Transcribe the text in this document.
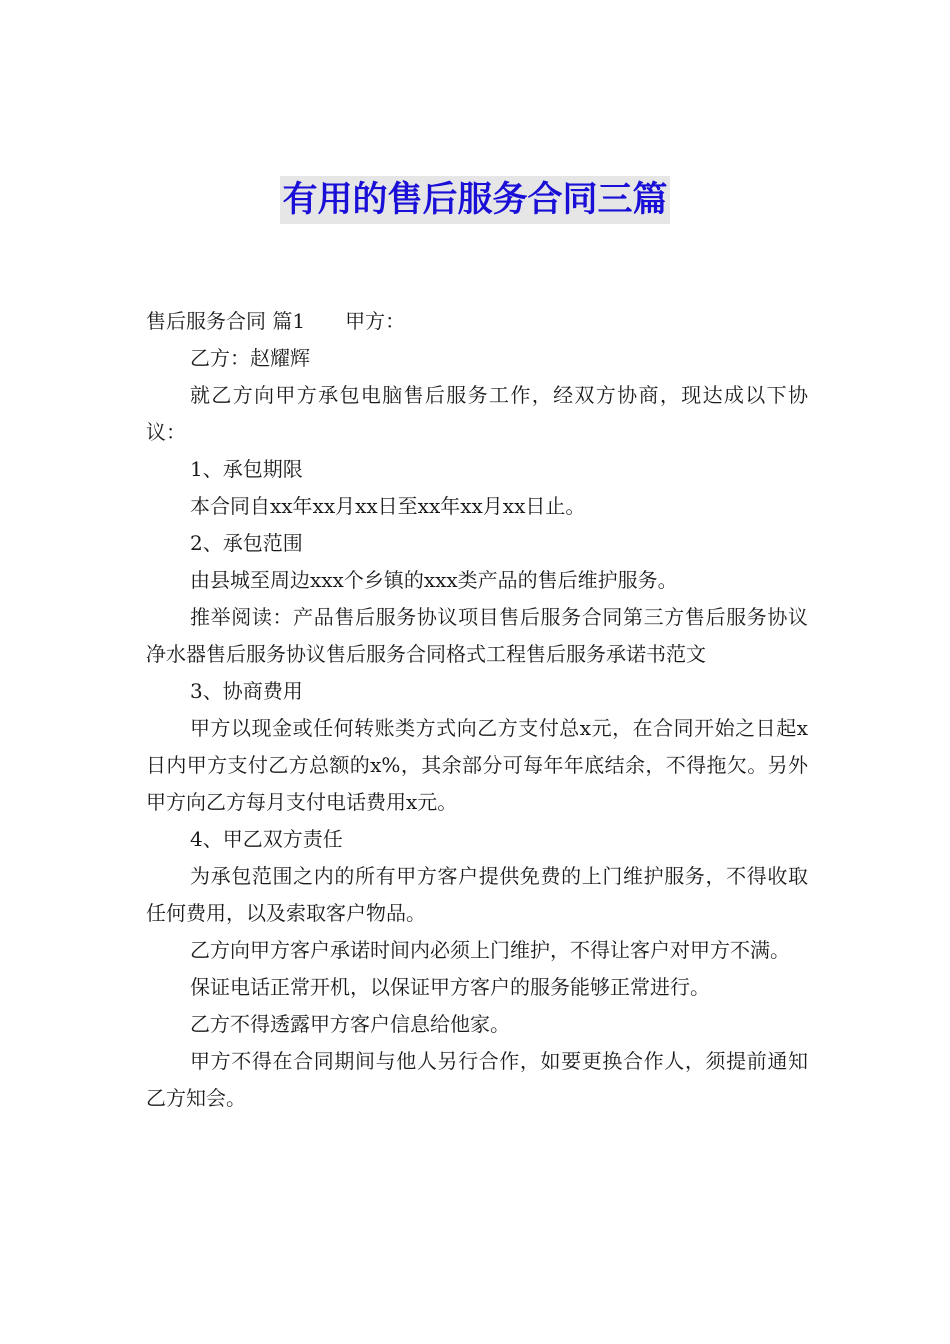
有用的售后服务合同三篇

售后服务合同 篇1 甲方：

乙方：赵耀辉

就乙方向甲方承包电脑售后服务工作，经双方协商，现达成以下协议：

1、承包期限

本合同自xx年xx月xx日至xx年xx月xx日止。

2、承包范围

由县城至周边xxx个乡镇的xxx类产品的售后维护服务。

推举阅读：产品售后服务协议项目售后服务合同第三方售后服务协议净水器售后服务协议售后服务合同格式工程售后服务承诺书范文

3、协商费用

甲方以现金或任何转账类方式向乙方支付总x元，在合同开始之日起x日内甲方支付乙方总额的x%，其余部分可每年年底结余，不得拖欠。另外甲方向乙方每月支付电话费用x元。

4、甲乙双方责任

为承包范围之内的所有甲方客户提供免费的上门维护服务，不得收取任何费用，以及索取客户物品。

乙方向甲方客户承诺时间内必须上门维护，不得让客户对甲方不满。

保证电话正常开机，以保证甲方客户的服务能够正常进行。

乙方不得透露甲方客户信息给他家。

甲方不得在合同期间与他人另行合作，如要更换合作人，须提前通知乙方知会。
